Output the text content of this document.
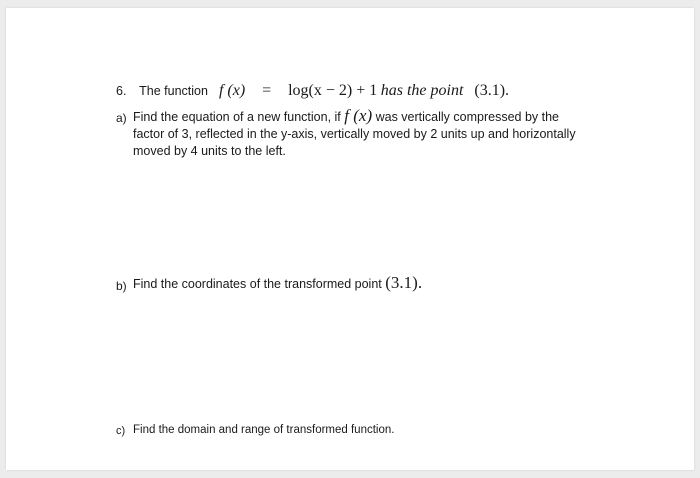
6. The function f (x) = log(x − 2) + 1 has the point (3.1).
a) Find the equation of a new function, if f (x) was vertically compressed by the
factor of 3, reflected in the y-axis, vertically moved by 2 units up and horizontally
moved by 4 units to the left.
b) Find the coordinates of the transformed point (3.1).
c) Find the domain and range of transformed function.
